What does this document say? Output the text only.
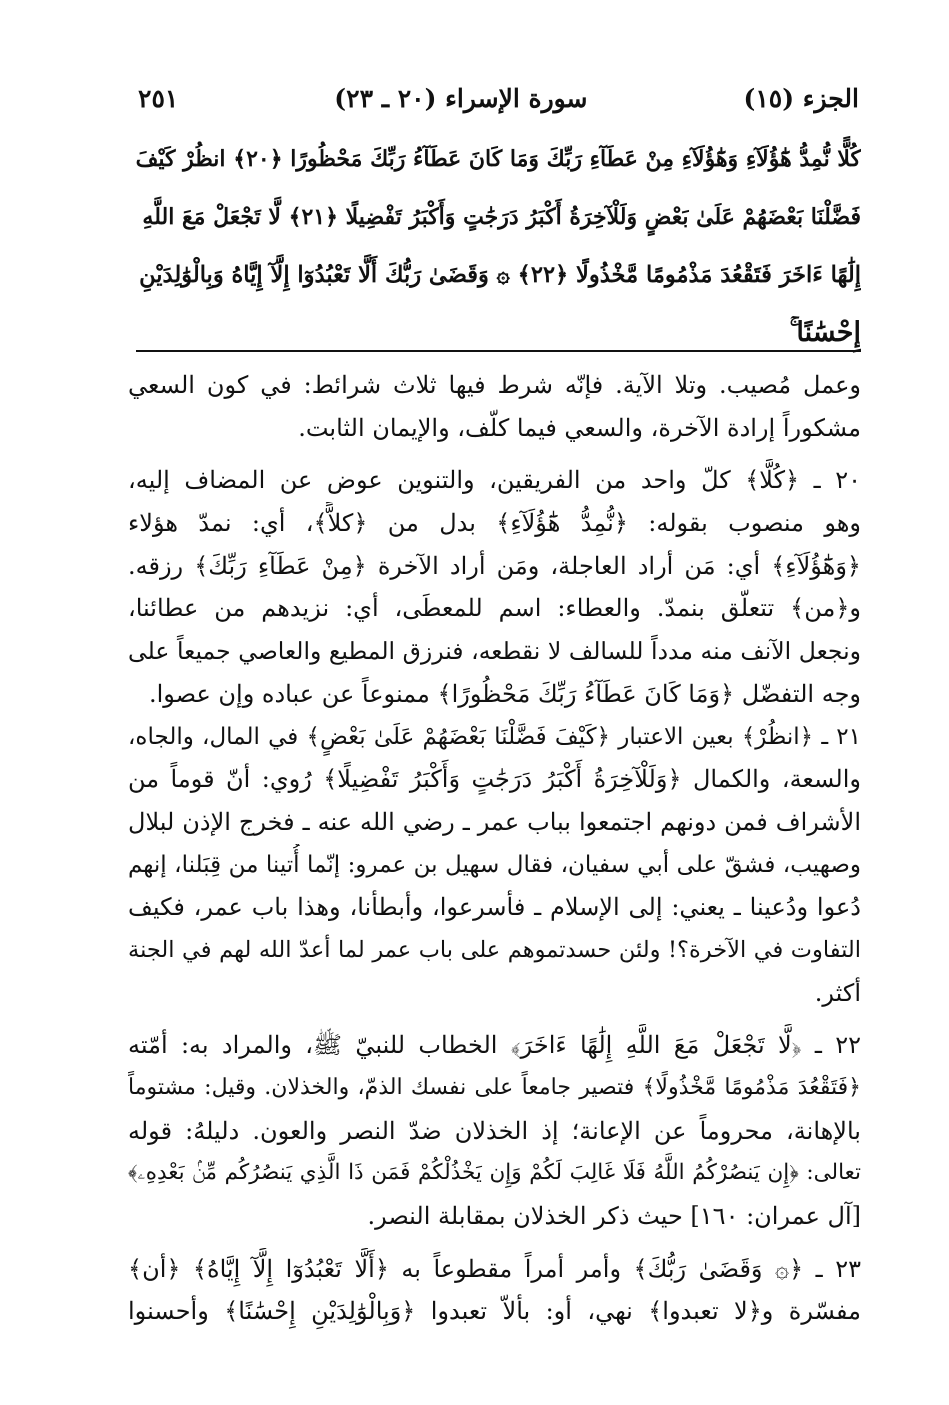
الجزء (١٥)
سورة الإسراء (٢٠ ـ ٢٣)
٢٥١
كُلًّا نُّمِدُّ هَٰٓؤُلَآءِ وَهَٰٓؤُلَآءِ مِنْ عَطَآءِ رَبِّكَ وَمَا كَانَ عَطَآءُ رَبِّكَ مَحْظُورًا ﴿٢٠﴾ انظُرْ كَيْفَ
فَضَّلْنَا بَعْضَهُمْ عَلَىٰ بَعْضٍ وَلَلْآخِرَةُ أَكْبَرُ دَرَجَٰتٍ وَأَكْبَرُ تَفْضِيلًا ﴿٢١﴾ لَّا تَجْعَلْ مَعَ اللَّهِ
إِلَٰهًا ءَاخَرَ فَتَقْعُدَ مَذْمُومًا مَّخْذُولًا ﴿٢٢﴾ ۞ وَقَضَىٰ رَبُّكَ أَلَّا تَعْبُدُوٓا إِلَّآ إِيَّاهُ وَبِالْوَٰلِدَيْنِ
إِحْسَٰنًا ۚ
وعمل مُصيب. وتلا الآية. فإنّه شرط فيها ثلاث شرائط: في كون السعي
مشكوراً إرادة الآخرة، والسعي فيما كلّف، والإيمان الثابت.
٢٠ ـ ﴿كُلًّا﴾ كلّ واحد من الفريقين، والتنوين عوض عن المضاف إليه،
وهو منصوب بقوله: ﴿نُّمِدُّ هَٰٓؤُلَآءِ﴾ بدل من ﴿كلاًّ﴾، أي: نمدّ هؤلاء
﴿وَهَٰٓؤُلَآءِ﴾ أي: مَن أراد العاجلة، ومَن أراد الآخرة ﴿مِنْ عَطَآءِ رَبِّكَ﴾ رزقه.
و﴿من﴾ تتعلّق بنمدّ. والعطاء: اسم للمعطَى، أي: نزيدهم من عطائنا،
ونجعل الآنف منه مدداً للسالف لا نقطعه، فنرزق المطيع والعاصي جميعاً على
وجه التفضّل ﴿وَمَا كَانَ عَطَآءُ رَبِّكَ مَحْظُورًا﴾ ممنوعاً عن عباده وإن عصوا.
٢١ ـ ﴿انظُرْ﴾ بعين الاعتبار ﴿كَيْفَ فَضَّلْنَا بَعْضَهُمْ عَلَىٰ بَعْضٍ﴾ في المال، والجاه،
والسعة، والكمال ﴿وَلَلْآخِرَةُ أَكْبَرُ دَرَجَٰتٍ وَأَكْبَرُ تَفْضِيلًا﴾ رُوي: أنّ قوماً من
الأشراف فمن دونهم اجتمعوا بباب عمر ـ رضي الله عنه ـ فخرج الإذن لبلال
وصهيب، فشقّ على أبي سفيان، فقال سهيل بن عمرو: إنّما أُتينا من قِبَلنا، إنهم
دُعوا ودُعينا ـ يعني: إلى الإسلام ـ فأسرعوا، وأبطأنا، وهذا باب عمر، فكيف
التفاوت في الآخرة؟! ولئن حسدتموهم على باب عمر لما أعدّ الله لهم في الجنة
أكثر.
٢٢ ـ ﴿لَّا تَجْعَلْ مَعَ اللَّهِ إِلَٰهًا ءَاخَرَ﴾ الخطاب للنبيّ ﷺ، والمراد به: أمّته
﴿فَتَقْعُدَ مَذْمُومًا مَّخْذُولًا﴾ فتصير جامعاً على نفسك الذمّ، والخذلان. وقيل: مشتوماً
بالإهانة، محروماً عن الإعانة؛ إذ الخذلان ضدّ النصر والعون. دليلهُ: قوله
تعالى: ﴿إِن يَنصُرْكُمُ اللَّهُ فَلَا غَالِبَ لَكُمْ وَإِن يَخْذُلْكُمْ فَمَن ذَا الَّذِي يَنصُرُكُم مِّنۢ بَعْدِهِۦ﴾
[آل عمران: ١٦٠] حيث ذكر الخذلان بمقابلة النصر.
٢٣ ـ ﴿۞ وَقَضَىٰ رَبُّكَ﴾ وأمر أمراً مقطوعاً به ﴿أَلَّا تَعْبُدُوٓا إِلَّآ إِيَّاهُ﴾ ﴿أن﴾
مفسّرة و﴿لا تعبدوا﴾ نهي، أو: بألاّ تعبدوا ﴿وَبِالْوَٰلِدَيْنِ إِحْسَٰنًا﴾ وأحسنوا
